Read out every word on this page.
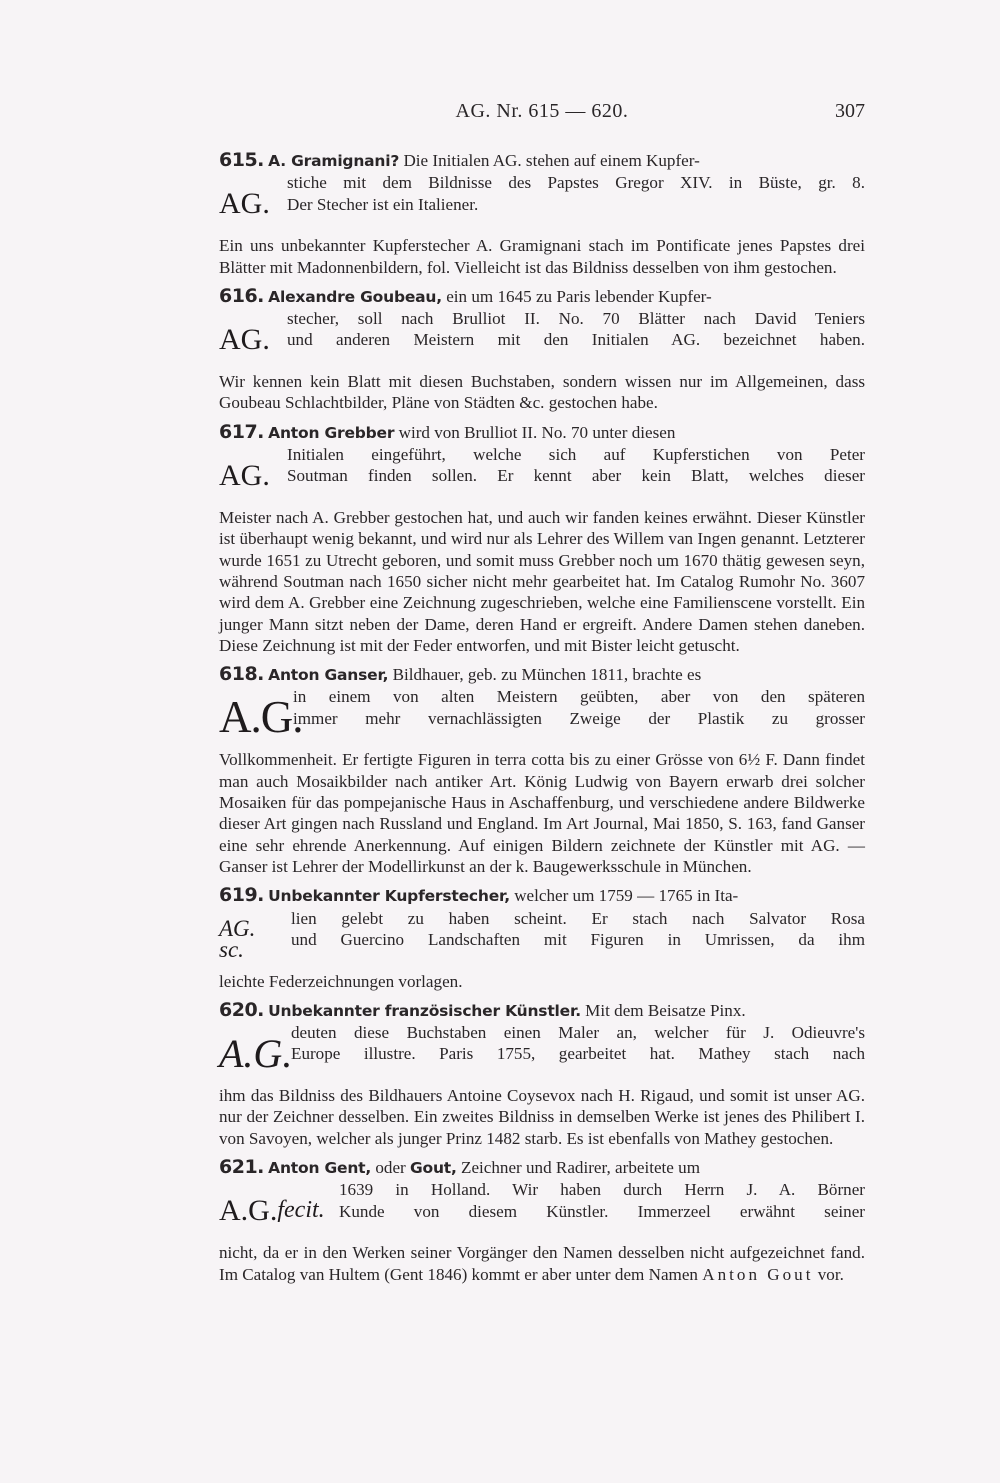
AG. Nr. 615 — 620.	307

615. A. Gramignani? Die Initialen AG. stehen auf einem Kupfer-

AG.
stiche mit dem Bildnisse des Papstes Gregor XIV. in Büste, gr. 8.
Der Stecher ist ein Italiener.

Ein uns unbekannter Kupferstecher A. Gramignani stach im Pontificate jenes Papstes drei Blätter mit Madonnenbildern, fol. Vielleicht ist das Bildniss desselben von ihm gestochen.

616. Alexandre Goubeau, ein um 1645 zu Paris lebender Kupfer-

AG.
stecher, soll nach Brulliot II. No. 70 Blätter nach David Teniers
und anderen Meistern mit den Initialen AG. bezeichnet haben.

Wir kennen kein Blatt mit diesen Buchstaben, sondern wissen nur im Allgemeinen, dass Goubeau Schlachtbilder, Pläne von Städten &c. gestochen habe.

617. Anton Grebber wird von Brulliot II. No. 70 unter diesen

AG.
Initialen eingeführt, welche sich auf Kupferstichen von Peter
Soutman finden sollen. Er kennt aber kein Blatt, welches dieser

Meister nach A. Grebber gestochen hat, und auch wir fanden keines erwähnt. Dieser Künstler ist überhaupt wenig bekannt, und wird nur als Lehrer des Willem van Ingen genannt. Letzterer wurde 1651 zu Utrecht geboren, und somit muss Grebber noch um 1670 thätig gewesen seyn, während Soutman nach 1650 sicher nicht mehr gearbeitet hat. Im Catalog Rumohr No. 3607 wird dem A. Grebber eine Zeichnung zugeschrieben, welche eine Familienscene vorstellt. Ein junger Mann sitzt neben der Dame, deren Hand er ergreift. Andere Damen stehen daneben. Diese Zeichnung ist mit der Feder entworfen, und mit Bister leicht getuscht.

618. Anton Ganser, Bildhauer, geb. zu München 1811, brachte es

A.G.
in einem von alten Meistern geübten, aber von den späteren
immer mehr vernachlässigten Zweige der Plastik zu grosser

Vollkommenheit. Er fertigte Figuren in terra cotta bis zu einer Grösse von 6½ F. Dann findet man auch Mosaikbilder nach antiker Art. König Ludwig von Bayern erwarb drei solcher Mosaiken für das pompejanische Haus in Aschaffenburg, und verschiedene andere Bildwerke dieser Art gingen nach Russland und England. Im Art Journal, Mai 1850, S. 163, fand Ganser eine sehr ehrende Anerkennung. Auf einigen Bildern zeichnete der Künstler mit AG. — Ganser ist Lehrer der Modellirkunst an der k. Baugewerksschule in München.

619. Unbekannter Kupferstecher, welcher um 1759 — 1765 in Ita-

AG. sc.
lien gelebt zu haben scheint. Er stach nach Salvator Rosa
und Guercino Landschaften mit Figuren in Umrissen, da ihm

leichte Federzeichnungen vorlagen.

620. Unbekannter französischer Künstler. Mit dem Beisatze Pinx.

A.G.
deuten diese Buchstaben einen Maler an, welcher für J. Odieuvre's
Europe illustre. Paris 1755, gearbeitet hat. Mathey stach nach

ihm das Bildniss des Bildhauers Antoine Coysevox nach H. Rigaud, und somit ist unser AG. nur der Zeichner desselben. Ein zweites Bildniss in demselben Werke ist jenes des Philibert I. von Savoyen, welcher als junger Prinz 1482 starb. Es ist ebenfalls von Mathey gestochen.

621. Anton Gent, oder Gout, Zeichner und Radirer, arbeitete um

A.G. fecit.
1639 in Holland. Wir haben durch Herrn J. A. Börner
Kunde von diesem Künstler. Immerzeel erwähnt seiner

nicht, da er in den Werken seiner Vorgänger den Namen desselben nicht aufgezeichnet fand. Im Catalog van Hultem (Gent 1846) kommt er aber unter dem Namen Anton Gout vor.
